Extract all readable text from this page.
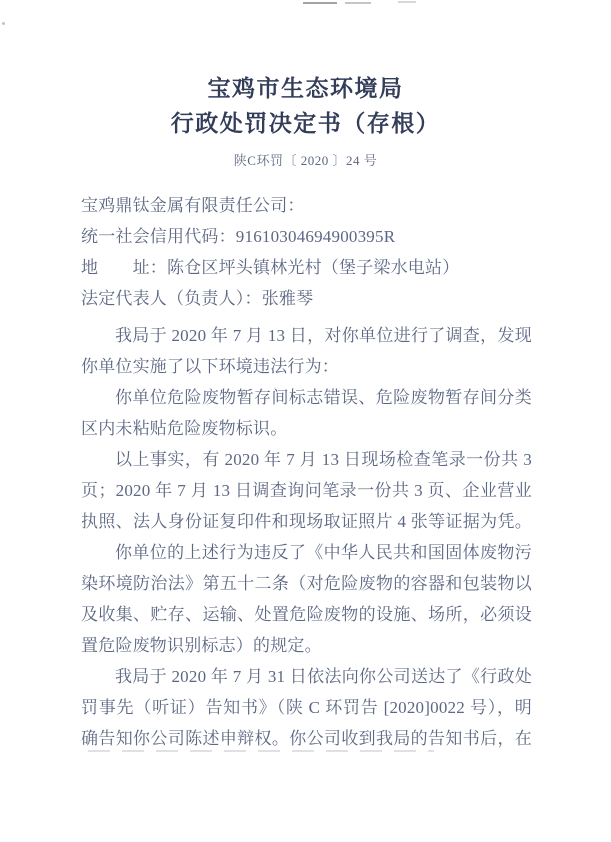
宝鸡市生态环境局
行政处罚决定书（存根）
陕C环罚〔 2020 〕24 号
宝鸡鼎钛金属有限责任公司：
统一社会信用代码：91610304694900395R
地　　址：陈仓区坪头镇林光村（堡子梁水电站）
法定代表人（负责人）：张雅琴
我局于 2020 年 7 月 13 日，对你单位进行了调查，发现
你单位实施了以下环境违法行为：
你单位危险废物暂存间标志错误、危险废物暂存间分类
区内未粘贴危险废物标识。
以上事实，有 2020 年 7 月 13 日现场检查笔录一份共 3
页；2020 年 7 月 13 日调查询问笔录一份共 3 页、企业营业
执照、法人身份证复印件和现场取证照片 4 张等证据为凭。
你单位的上述行为违反了《中华人民共和国固体废物污
染环境防治法》第五十二条（对危险废物的容器和包装物以
及收集、贮存、运输、处置危险废物的设施、场所，必须设
置危险废物识别标志）的规定。
我局于 2020 年 7 月 31 日依法向你公司送达了《行政处
罚事先（听证）告知书》（陕 C 环罚告 [2020]0022 号），明
确告知你公司陈述申辩权。你公司收到我局的告知书后，在
